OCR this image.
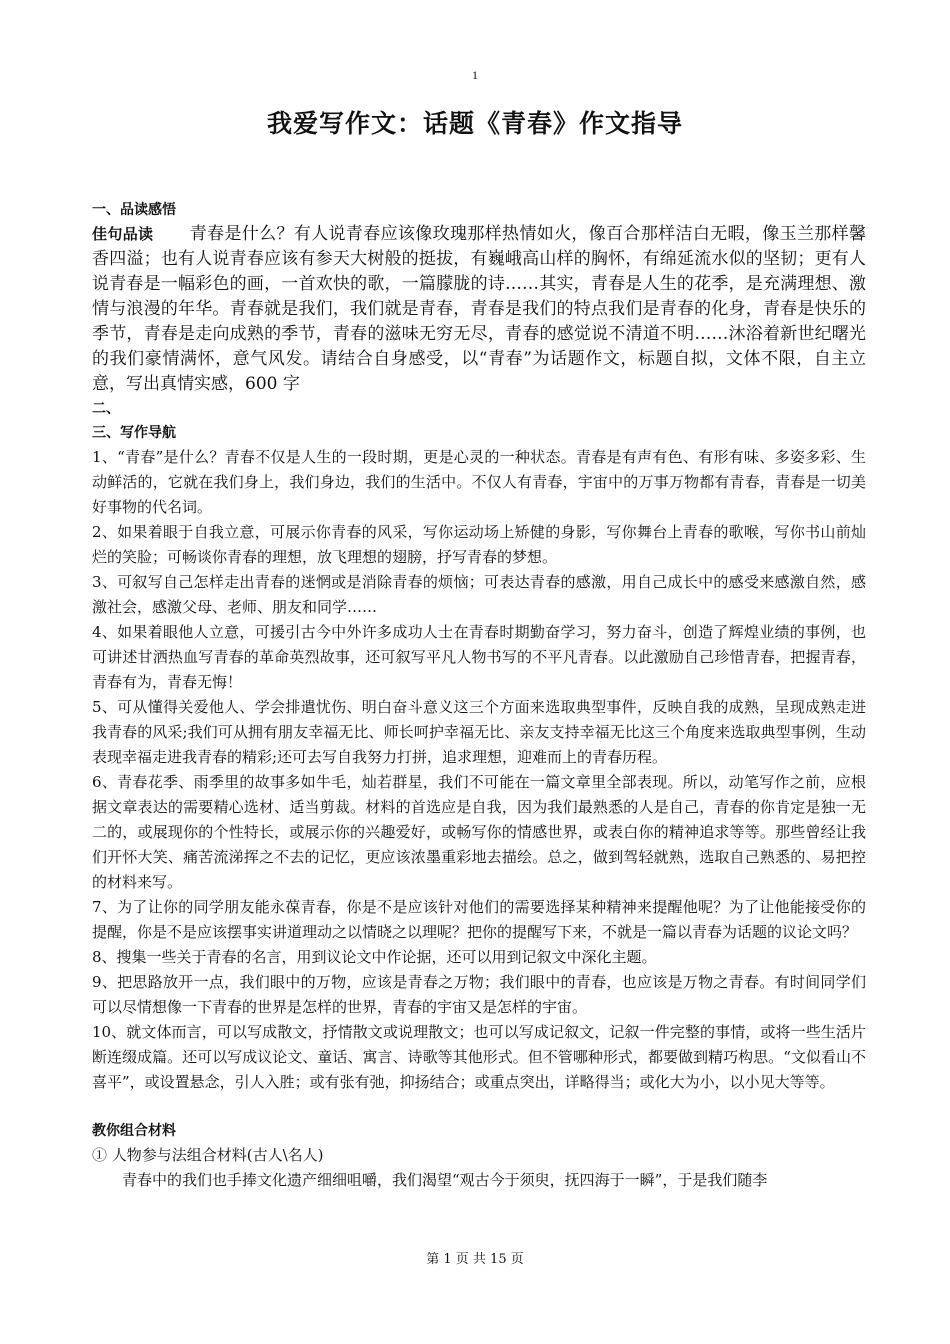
1
我爱写作文：话题《青春》作文指导
一、品读感悟
佳句品读 青春是什么？有人说青春应该像玫瑰那样热情如火，像百合那样洁白无暇，像玉兰那样馨香四溢；也有人说青春应该有参天大树般的挺拔，有巍峨高山样的胸怀，有绵延流水似的坚韧；更有人说青春是一幅彩色的画，一首欢快的歌，一篇朦胧的诗……其实，青春是人生的花季，是充满理想、激情与浪漫的年华。青春就是我们，我们就是青春，青春是我们的特点我们是青春的化身，青春是快乐的季节，青春是走向成熟的季节，青春的滋味无穷无尽，青春的感觉说不清道不明……沐浴着新世纪曙光的我们豪情满怀，意气风发。请结合自身感受，以“青春”为话题作文，标题自拟，文体不限，自主立意，写出真情实感，600 字
二、
三、写作导航
1、“青春”是什么？青春不仅是人生的一段时期，更是心灵的一种状态。青春是有声有色、有形有味、多姿多彩、生动鲜活的，它就在我们身上，我们身边，我们的生活中。不仅人有青春，宇宙中的万事万物都有青春，青春是一切美好事物的代名词。
2、如果着眼于自我立意，可展示你青春的风采，写你运动场上矫健的身影，写你舞台上青春的歌喉，写你书山前灿烂的笑脸；可畅谈你青春的理想，放飞理想的翅膀，抒写青春的梦想。
3、可叙写自己怎样走出青春的迷惘或是消除青春的烦恼；可表达青春的感激，用自己成长中的感受来感激自然，感激社会，感激父母、老师、朋友和同学……
4、如果着眼他人立意，可援引古今中外许多成功人士在青春时期勤奋学习，努力奋斗，创造了辉煌业绩的事例，也可讲述甘洒热血写青春的革命英烈故事，还可叙写平凡人物书写的不平凡青春。以此激励自己珍惜青春，把握青春，青春有为，青春无悔！
5、可从懂得关爱他人、学会排遣忧伤、明白奋斗意义这三个方面来选取典型事件，反映自我的成熟，呈现成熟走进我青春的风采;我们可从拥有朋友幸福无比、师长呵护幸福无比、亲友支持幸福无比这三个角度来选取典型事例，生动表现幸福走进我青春的精彩;还可去写自我努力打拼，追求理想，迎难而上的青春历程。
6、青春花季、雨季里的故事多如牛毛，灿若群星，我们不可能在一篇文章里全部表现。所以，动笔写作之前，应根据文章表达的需要精心选材、适当剪裁。材料的首选应是自我，因为我们最熟悉的人是自己，青春的你肯定是独一无二的，或展现你的个性特长，或展示你的兴趣爱好，或畅写你的情感世界，或表白你的精神追求等等。那些曾经让我们开怀大笑、痛苦流涕挥之不去的记忆，更应该浓墨重彩地去描绘。总之，做到驾轻就熟，选取自己熟悉的、易把控的材料来写。
7、为了让你的同学朋友能永葆青春，你是不是应该针对他们的需要选择某种精神来提醒他呢？为了让他能接受你的提醒，你是不是应该摆事实讲道理动之以情晓之以理呢？把你的提醒写下来，不就是一篇以青春为话题的议论文吗？
8、搜集一些关于青春的名言，用到议论文中作论据，还可以用到记叙文中深化主题。
9、把思路放开一点，我们眼中的万物，应该是青春之万物；我们眼中的青春，也应该是万物之青春。有时间同学们可以尽情想像一下青春的世界是怎样的世界，青春的宇宙又是怎样的宇宙。
10、就文体而言，可以写成散文，抒情散文或说理散文；也可以写成记叙文，记叙一件完整的事情，或将一些生活片断连缀成篇。还可以写成议论文、童话、寓言、诗歌等其他形式。但不管哪种形式，都要做到精巧构思。“文似看山不喜平”，或设置悬念，引人入胜；或有张有弛，抑扬结合；或重点突出，详略得当；或化大为小，以小见大等等。
教你组合材料
① 人物参与法组合材料(古人\名人)
青春中的我们也手捧文化遗产细细咀嚼，我们渴望“观古今于须臾，抚四海于一瞬”，于是我们随李
第 1 页 共 15 页
